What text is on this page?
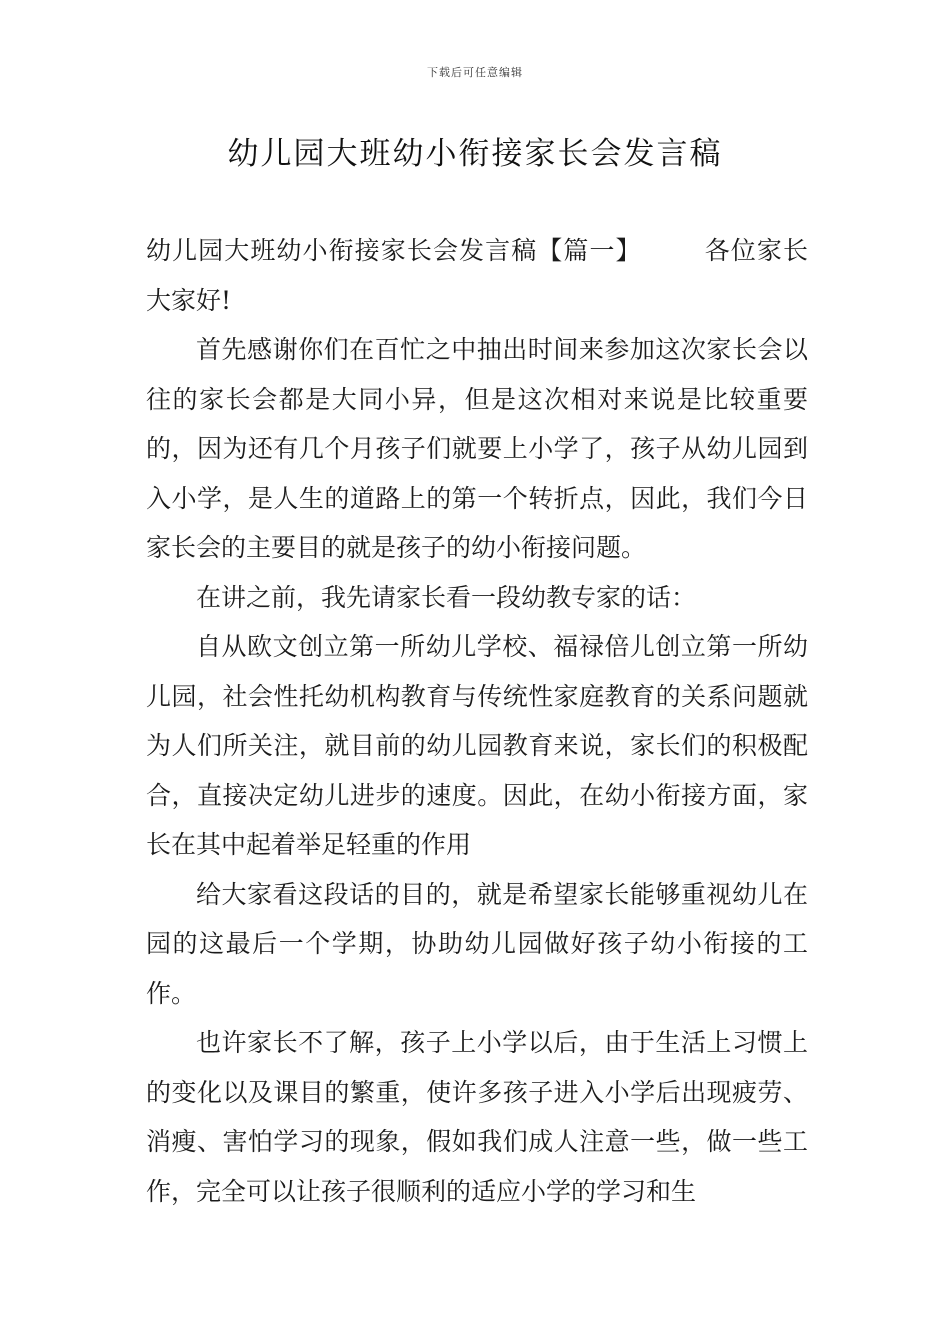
下载后可任意编辑
幼儿园大班幼小衔接家长会发言稿

幼儿园大班幼小衔接家长会发言稿【篇一】 各位家长大家好!

首先感谢你们在百忙之中抽出时间来参加这次家长会以往的家长会都是大同小异，但是这次相对来说是比较重要的，因为还有几个月孩子们就要上小学了，孩子从幼儿园到入小学，是人生的道路上的第一个转折点，因此，我们今日家长会的主要目的就是孩子的幼小衔接问题。

在讲之前，我先请家长看一段幼教专家的话：

自从欧文创立第一所幼儿学校、福禄倍儿创立第一所幼儿园，社会性托幼机构教育与传统性家庭教育的关系问题就为人们所关注，就目前的幼儿园教育来说，家长们的积极配合，直接决定幼儿进步的速度。因此，在幼小衔接方面，家长在其中起着举足轻重的作用

给大家看这段话的目的，就是希望家长能够重视幼儿在园的这最后一个学期，协助幼儿园做好孩子幼小衔接的工作。

也许家长不了解，孩子上小学以后，由于生活上习惯上的变化以及课目的繁重，使许多孩子进入小学后出现疲劳、消瘦、害怕学习的现象，假如我们成人注意一些，做一些工作，完全可以让孩子很顺利的适应小学的学习和生
